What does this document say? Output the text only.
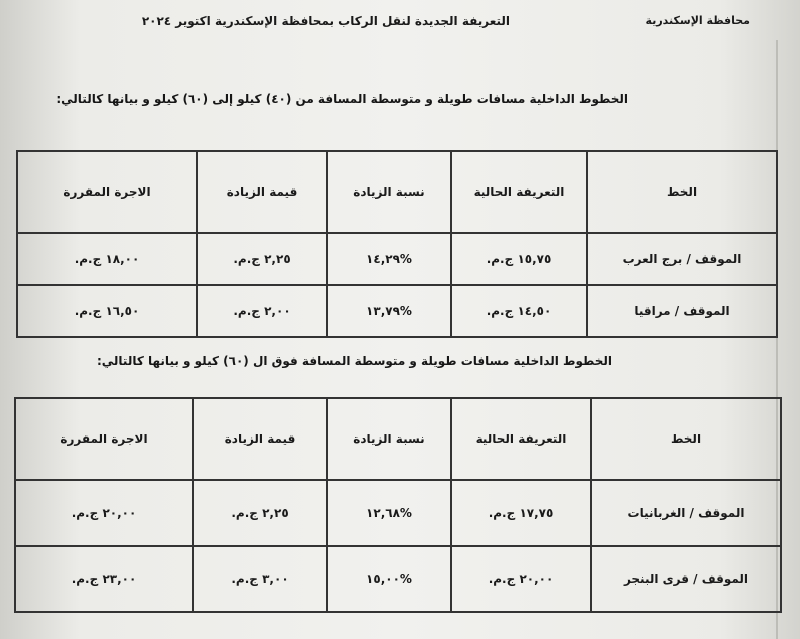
محافظة الإسكندرية
التعريفة الجديدة لنقل الركاب بمحافظة الإسكندرية اكتوير ٢٠٢٤
الخطوط الداخلية مسافات طويلة و متوسطة المسافة من (٤٠) كيلو إلى (٦٠) كيلو و بيانها كالتالي:
الخط	التعريفة الحالية	نسبة الزيادة	قيمة الزيادة	الاجرة المقررة
الموقف / برج العرب	١٥,٧٥ ج.م.	%١٤,٢٩	٢,٢٥ ج.م.	١٨,٠٠ ج.م.
الموقف / مراقيا	١٤,٥٠ ج.م.	%١٣,٧٩	٢,٠٠ ج.م.	١٦,٥٠ ج.م.
الخطوط الداخلية مسافات طويلة و متوسطة المسافة فوق ال (٦٠) كيلو و بيانها كالتالي:
الخط	التعريفة الحالية	نسبة الزيادة	قيمة الزيادة	الاجرة المقررة
الموقف / الغربانيات	١٧,٧٥ ج.م.	%١٢,٦٨	٢,٢٥ ج.م.	٢٠,٠٠ ج.م.
الموقف / قرى البنجر	٢٠,٠٠ ج.م.	%١٥,٠٠	٣,٠٠ ج.م.	٢٣,٠٠ ج.م.
